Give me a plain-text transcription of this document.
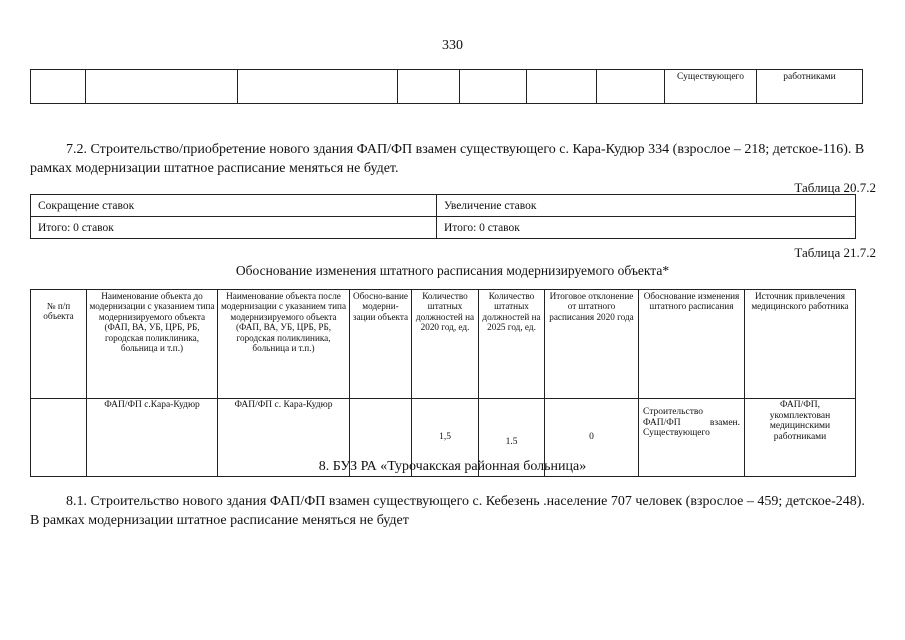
330
							Существующего	работниками
7.2. Строительство/приобретение нового здания ФАП/ФП взамен существующего с. Кара-Кудюр 334 (взрослое – 218; детское-116). В рамках модернизации штатное расписание меняться не будет.
Таблица 20.7.2
Сокращение ставок	Увеличение ставок
Итого: 0 ставок	Итого: 0 ставок
Таблица 21.7.2
Обоснование изменения штатного расписания модернизируемого объекта*
№ п/п объекта	Наименование объекта до модернизации с указанием типа модернизируемого объекта (ФАП, ВА, УБ, ЦРБ, РБ, городская поликлиника, больница и т.п.)	Наименование объекта после модернизации с указанием типа модернизируемого объекта (ФАП, ВА, УБ, ЦРБ, РБ, городская поликлиника, больница и т.п.)	Обосно-вание модерни-зации объекта	Количество штатных должностей на 2020 год, ед.	Количество штатных должностей на 2025 год, ед.	Итоговое отклонение от штатного расписания 2020 года	Обоснование изменения штатного расписания	Источник привлечения медицинского работника
	ФАП/ФП с.Кара-Кудюр	ФАП/ФП с. Кара-Кудюр		1,5	1.5	0	Строительство
ФАП/ФП взамен.
Существующего	ФАП/ФП, укомплектован медицинскими работниками
8. БУЗ РА «Турочакская районная больница»
8.1. Строительство нового здания ФАП/ФП взамен существующего с. Кебезень .население 707 человек (взрослое – 459; детское-248). В рамках модернизации штатное расписание меняться не будет
